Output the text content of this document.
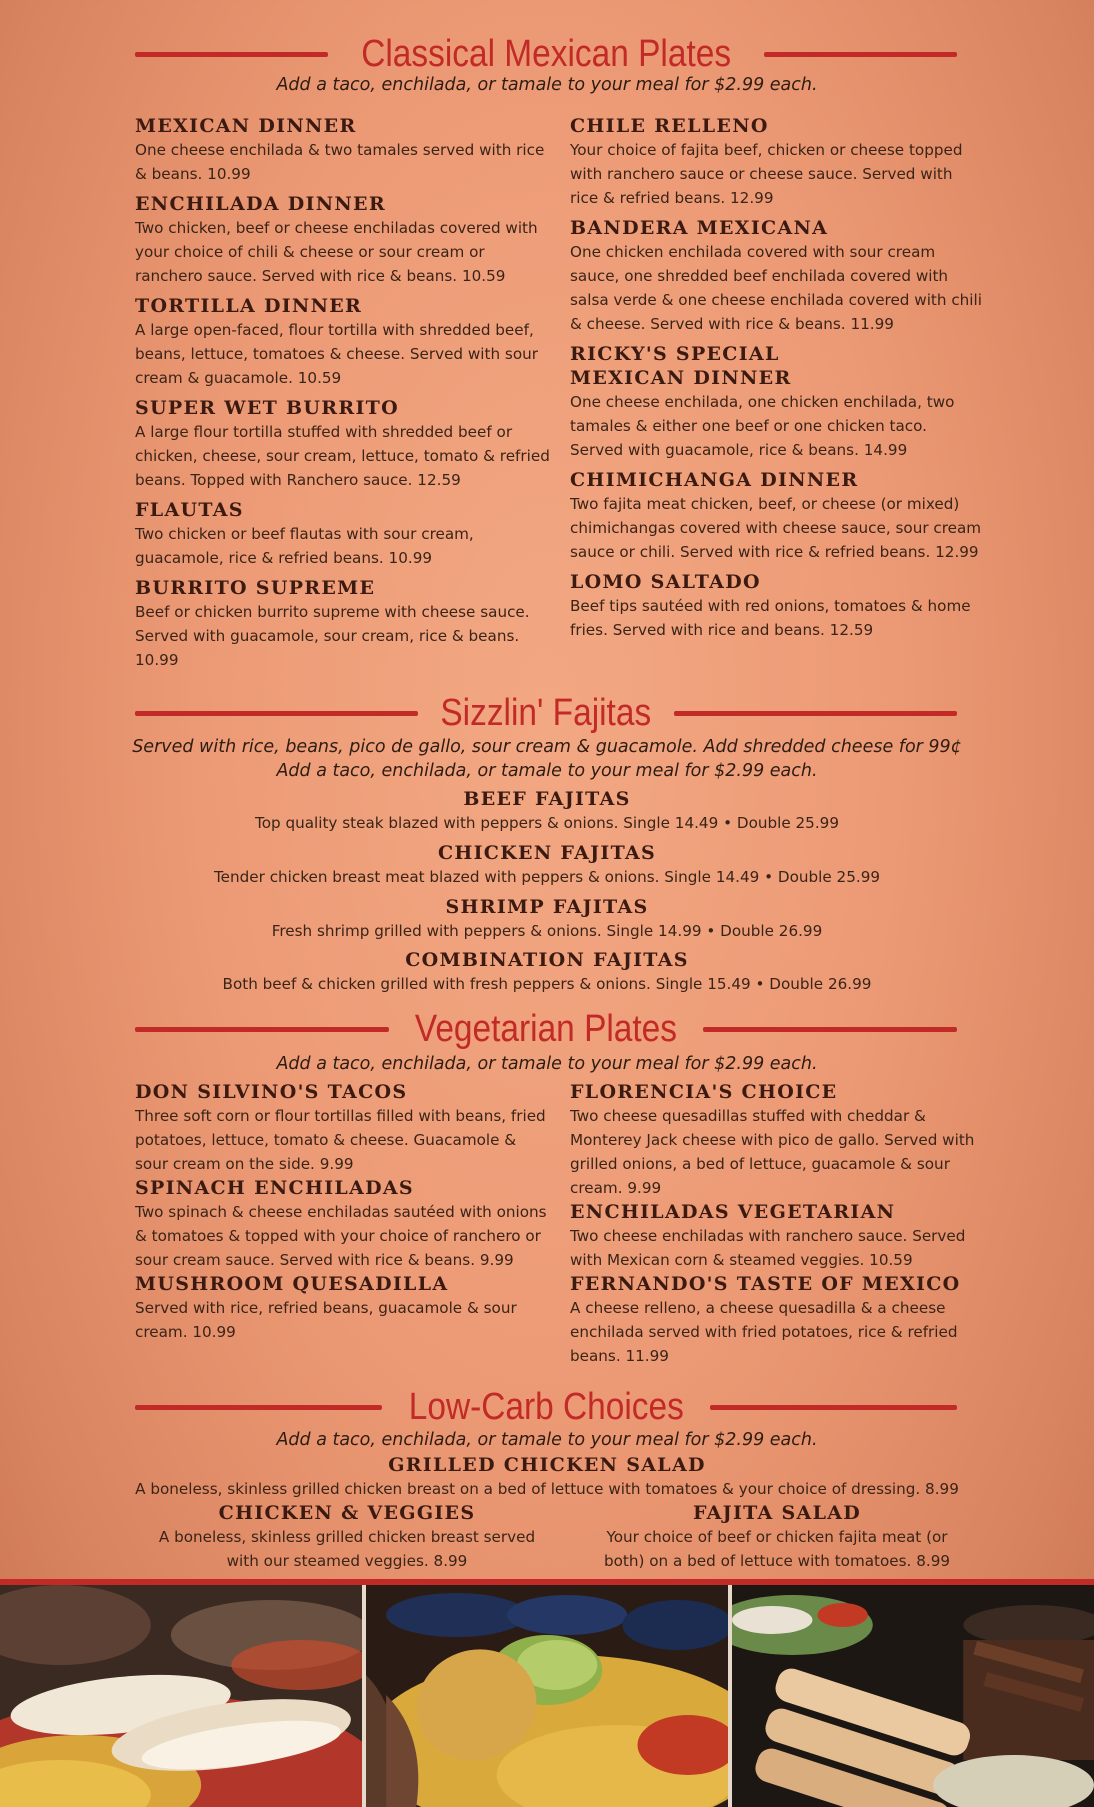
Classical Mexican Plates

Add a taco, enchilada, or tamale to your meal for $2.99 each.

MEXICAN DINNER

One cheese enchilada & two tamales served with rice & beans. 10.99

ENCHILADA DINNER

Two chicken, beef or cheese enchiladas covered with your choice of chili & cheese or sour cream or ranchero sauce. Served with rice & beans. 10.59

TORTILLA DINNER

A large open-faced, flour tortilla with shredded beef, beans, lettuce, tomatoes & cheese. Served with sour cream & guacamole. 10.59

SUPER WET BURRITO

A large flour tortilla stuffed with shredded beef or chicken, cheese, sour cream, lettuce, tomato & refried beans. Topped with Ranchero sauce. 12.59

FLAUTAS

Two chicken or beef flautas with sour cream, guacamole, rice & refried beans. 10.99

BURRITO SUPREME

Beef or chicken burrito supreme with cheese sauce. Served with guacamole, sour cream, rice & beans. 10.99

CHILE RELLENO

Your choice of fajita beef, chicken or cheese topped with ranchero sauce or cheese sauce. Served with rice & refried beans. 12.99

BANDERA MEXICANA

One chicken enchilada covered with sour cream sauce, one shredded beef enchilada covered with salsa verde & one cheese enchilada covered with chili & cheese. Served with rice & beans. 11.99

RICKY'S SPECIAL MEXICAN DINNER

One cheese enchilada, one chicken enchilada, two tamales & either one beef or one chicken taco. Served with guacamole, rice & beans. 14.99

CHIMICHANGA DINNER

Two fajita meat chicken, beef, or cheese (or mixed) chimichangas covered with cheese sauce, sour cream sauce or chili. Served with rice & refried beans. 12.99

LOMO SALTADO

Beef tips sautéed with red onions, tomatoes & home fries. Served with rice and beans. 12.59

Sizzlin' Fajitas

Served with rice, beans, pico de gallo, sour cream & guacamole. Add shredded cheese for 99¢

Add a taco, enchilada, or tamale to your meal for $2.99 each.

BEEF FAJITAS

Top quality steak blazed with peppers & onions. Single 14.49 • Double 25.99

CHICKEN FAJITAS

Tender chicken breast meat blazed with peppers & onions. Single 14.49 • Double 25.99

SHRIMP FAJITAS

Fresh shrimp grilled with peppers & onions. Single 14.99 • Double 26.99

COMBINATION FAJITAS

Both beef & chicken grilled with fresh peppers & onions. Single 15.49 • Double 26.99

Vegetarian Plates

Add a taco, enchilada, or tamale to your meal for $2.99 each.

DON SILVINO'S TACOS

Three soft corn or flour tortillas filled with beans, fried potatoes, lettuce, tomato & cheese. Guacamole & sour cream on the side. 9.99

SPINACH ENCHILADAS

Two spinach & cheese enchiladas sautéed with onions & tomatoes & topped with your choice of ranchero or sour cream sauce. Served with rice & beans. 9.99

MUSHROOM QUESADILLA

Served with rice, refried beans, guacamole & sour cream. 10.99

FLORENCIA'S CHOICE

Two cheese quesadillas stuffed with cheddar & Monterey Jack cheese with pico de gallo. Served with grilled onions, a bed of lettuce, guacamole & sour cream. 9.99

ENCHILADAS VEGETARIAN

Two cheese enchiladas with ranchero sauce. Served with Mexican corn & steamed veggies. 10.59

FERNANDO'S TASTE OF MEXICO

A cheese relleno, a cheese quesadilla & a cheese enchilada served with fried potatoes, rice & refried beans. 11.99

Low-Carb Choices

Add a taco, enchilada, or tamale to your meal for $2.99 each.

GRILLED CHICKEN SALAD

A boneless, skinless grilled chicken breast on a bed of lettuce with tomatoes & your choice of dressing. 8.99

CHICKEN & VEGGIES

A boneless, skinless grilled chicken breast served with our steamed veggies. 8.99

FAJITA SALAD

Your choice of beef or chicken fajita meat (or both) on a bed of lettuce with tomatoes. 8.99
